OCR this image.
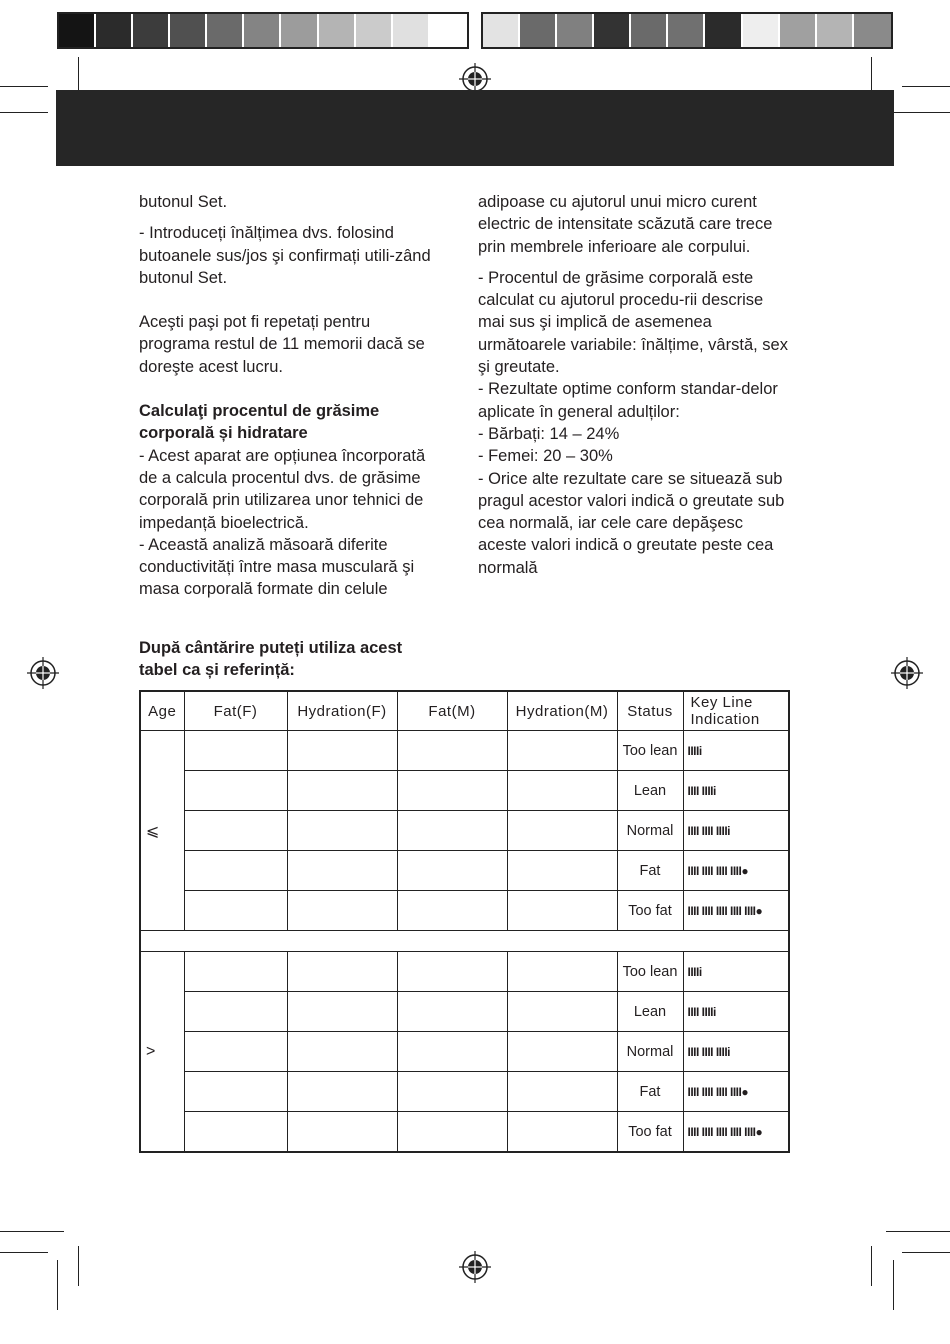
butonul Set.

- Introduceți înălțimea dvs. folosind butoanele sus/jos şi confirmați utili-zând butonul Set.

Aceşti paşi pot fi repetați pentru programa restul de 11 memorii dacă se doreşte acest lucru.

Calculaţi procentul de grăsime corporală și hidratare

- Acest aparat are opțiunea încorporată de a calcula procentul dvs. de grăsime corporală prin utilizarea unor tehnici de impedanță bioelectrică.

- Această analiză măsoară diferite conductivități între masa musculară şi masa corporală formate din celule

adipoase cu ajutorul unui micro curent electric de intensitate scăzută care trece prin membrele inferioare ale corpului.

- Procentul de grăsime corporală este calculat cu ajutorul procedu-rii descrise mai sus şi implică de asemenea următoarele variabile: înălțime, vârstă, sex şi greutate.

- Rezultate optime conform standar-delor aplicate în general adulților:

- Bărbați: 14 – 24%

- Femei: 20 – 30%

- Orice alte rezultate care se situează sub pragul acestor valori indică o greutate sub cea normală, iar cele care depăşesc aceste valori indică o greutate peste cea normală

După cântărire puteți utiliza acest tabel ca și referință:
Age	Fat(F)	Hydration(F)	Fat(M)	Hydration(M)	Status	Key Line Indication
⩽					Too lean	IIIIi
					Lean	IIII IIIIi
					Normal	IIII IIII IIIIi
					Fat	IIII IIII IIII IIII●
					Too fat	IIII IIII IIII IIII IIII●

>					Too lean	IIIIi
					Lean	IIII IIIIi
					Normal	IIII IIII IIIIi
					Fat	IIII IIII IIII IIII●
					Too fat	IIII IIII IIII IIII IIII●
